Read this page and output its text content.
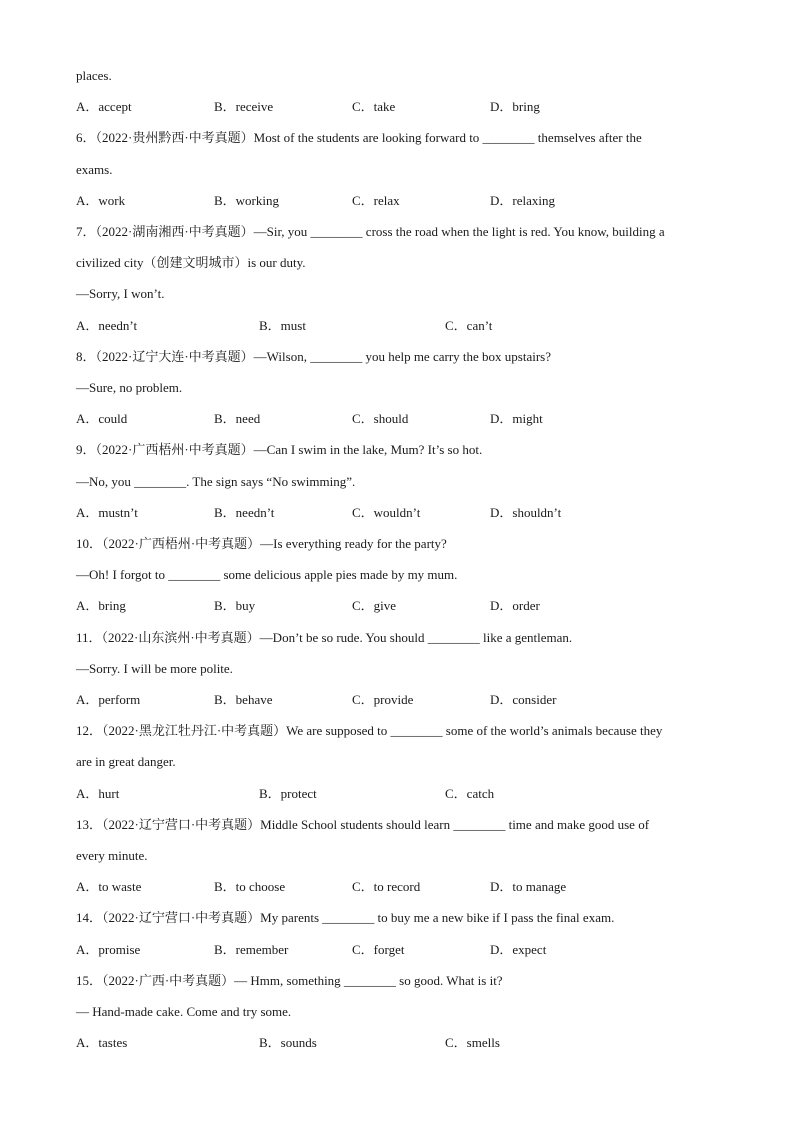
places.
A．accept	B．receive	C．take	D．bring
6．（2022·贵州黔西·中考真题）Most of the students are looking forward to ________ themselves after the
exams.
A．work	B．working	C．relax	D．relaxing
7．（2022·湖南湘西·中考真题）—Sir, you ________ cross the road when the light is red. You know, building a
civilized city（创建文明城市）is our duty.
—Sorry, I won’t.
A．needn’t	B．must	C．can’t
8．（2022·辽宁大连·中考真题）—Wilson, ________ you help me carry the box upstairs?
—Sure, no problem.
A．could	B．need	C．should	D．might
9．（2022·广西梧州·中考真题）—Can I swim in the lake, Mum? It’s so hot.
—No, you ________. The sign says “No swimming”.
A．mustn’t	B．needn’t	C．wouldn’t	D．shouldn’t
10．（2022·广西梧州·中考真题）—Is everything ready for the party?
—Oh! I forgot to ________ some delicious apple pies made by my mum.
A．bring	B．buy	C．give	D．order
11．（2022·山东滨州·中考真题）—Don’t be so rude. You should ________ like a gentleman.
—Sorry. I will be more polite.
A．perform	B．behave	C．provide	D．consider
12．（2022·黑龙江牡丹江·中考真题）We are supposed to ________ some of the world’s animals because they
are in great danger.
A．hurt	B．protect	C．catch
13．（2022·辽宁营口·中考真题）Middle School students should learn ________ time and make good use of
every minute.
A．to waste	B．to choose	C．to record	D．to manage
14．（2022·辽宁营口·中考真题）My parents ________ to buy me a new bike if I pass the final exam.
A．promise	B．remember	C．forget	D．expect
15．（2022·广西·中考真题）— Hmm, something ________ so good. What is it?
— Hand-made cake. Come and try some.
A．tastes	B．sounds	C．smells
